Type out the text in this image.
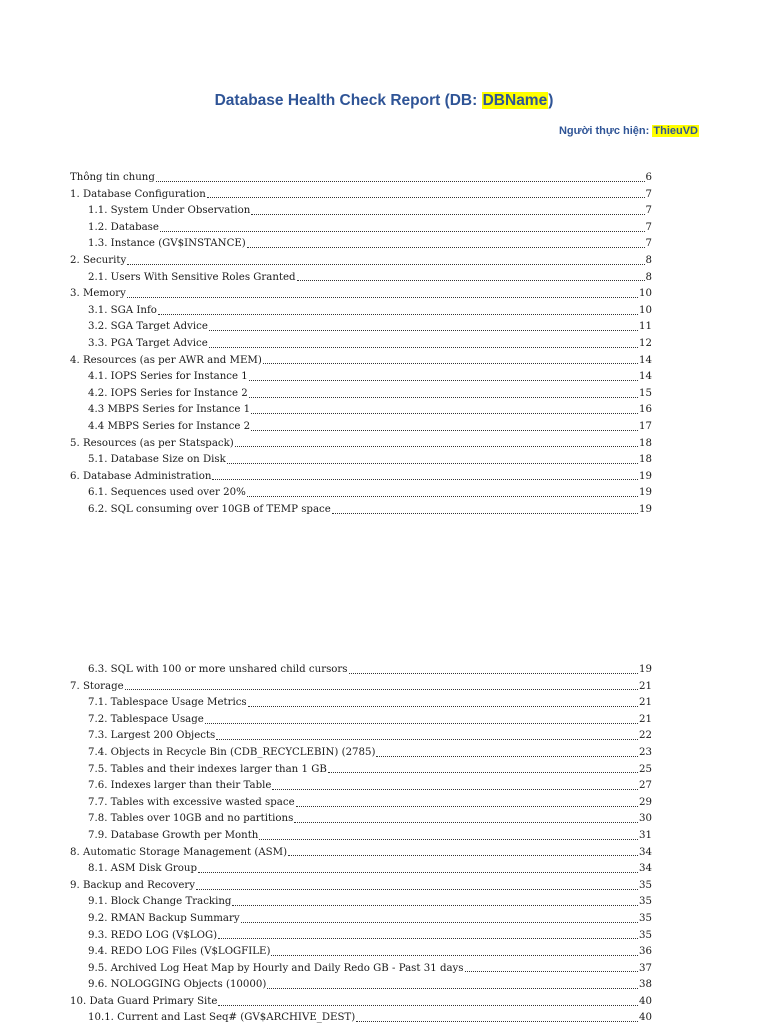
Database Health Check Report (DB: DBName)
Người thực hiện: ThieuVD
Thông tin chung	6
1. Database Configuration	7
1.1. System Under Observation	7
1.2. Database	7
1.3. Instance (GV$INSTANCE)	7
2. Security	8
2.1. Users With Sensitive Roles Granted	8
3. Memory	10
3.1. SGA Info	10
3.2. SGA Target Advice	11
3.3. PGA Target Advice	12
4. Resources (as per AWR and MEM)	14
4.1. IOPS Series for Instance 1	14
4.2. IOPS Series for Instance 2	15
4.3 MBPS Series for Instance 1	16
4.4 MBPS Series for Instance 2	17
5. Resources (as per Statspack)	18
5.1. Database Size on Disk	18
6. Database Administration	19
6.1. Sequences used over 20%	19
6.2. SQL consuming over 10GB of TEMP space	19
6.3. SQL with 100 or more unshared child cursors	19
7. Storage	21
7.1. Tablespace Usage Metrics	21
7.2. Tablespace Usage	21
7.3. Largest 200 Objects	22
7.4. Objects in Recycle Bin (CDB_RECYCLEBIN) (2785)	23
7.5. Tables and their indexes larger than 1 GB	25
7.6. Indexes larger than their Table	27
7.7. Tables with excessive wasted space	29
7.8. Tables over 10GB and no partitions	30
7.9. Database Growth per Month	31
8. Automatic Storage Management (ASM)	34
8.1. ASM Disk Group	34
9. Backup and Recovery	35
9.1. Block Change Tracking	35
9.2. RMAN Backup Summary	35
9.3. REDO LOG (V$LOG)	35
9.4. REDO LOG Files (V$LOGFILE)	36
9.5. Archived Log Heat Map by Hourly and Daily Redo GB - Past 31 days	37
9.6. NOLOGGING Objects (10000)	38
10. Data Guard Primary Site	40
10.1. Current and Last Seq# (GV$ARCHIVE_DEST)	40
